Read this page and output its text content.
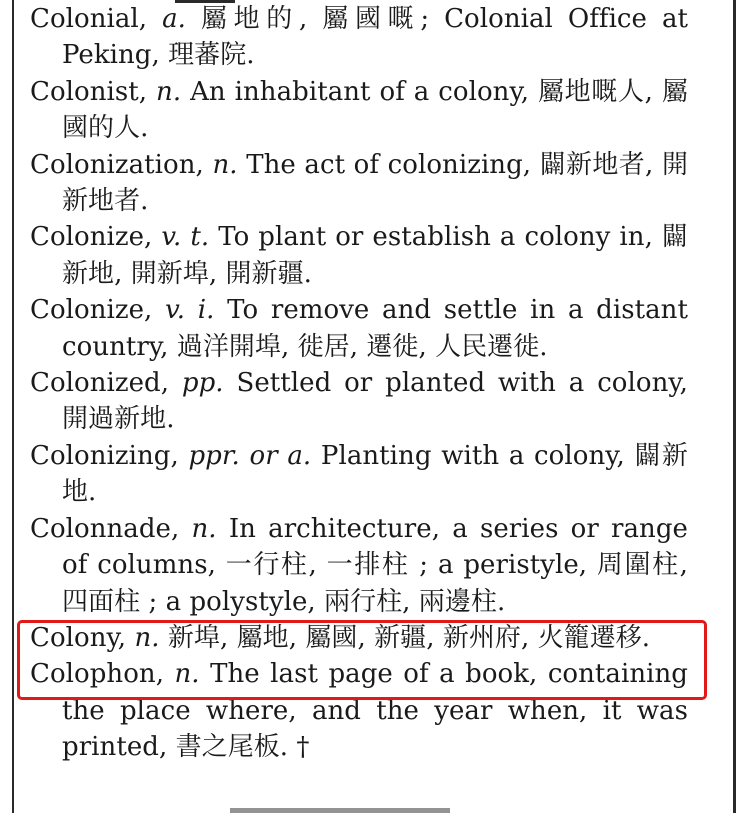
Colonial, a. 屬地的, 屬國嘅; Colonial Office at Peking, 理蕃院.

Colonist, n. An inhabitant of a colony, 屬地嘅人, 屬國的人.

Colonization, n. The act of colonizing, 闢新地者, 開新地者.

Colonize, v. t. To plant or establish a colony in, 闢新地, 開新埠, 開新疆.

Colonize, v. i. To remove and settle in a distant country, 過洋開埠, 徙居, 遷徙, 人民遷徙.

Colonized, pp. Settled or planted with a colony, 開過新地.

Colonizing, ppr. or a. Planting with a colony, 闢新地.

Colonnade, n. In architecture, a series or range of columns, 一行柱, 一排柱 ; a peristyle, 周圍柱, 四面柱 ; a polystyle, 兩行柱, 兩邊柱.

Colony, n. 新埠, 屬地, 屬國, 新疆, 新州府, 火籠遷移.

Colophon, n. The last page of a book, containing the place where, and the year when, it was printed, 書之尾板. †
